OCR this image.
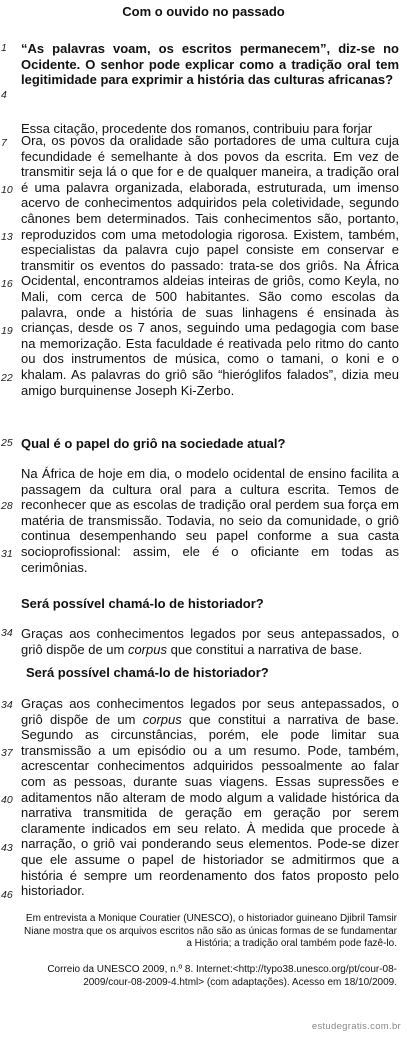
Com o ouvido no passado
1
4
7
10
13
16
19
22
25
28
31
34
34
37
40
43
46
“As palavras voam, os escritos permanecem”, diz-se no Ocidente. O senhor pode explicar como a tradição oral tem legitimidade para exprimir a história das culturas africanas?
Essa citação, procedente dos romanos, contribuiu para forjar
Ora, os povos da oralidade são portadores de uma cultura cuja fecundidade é semelhante à dos povos da escrita. Em vez de transmitir seja lá o que for e de qualquer maneira, a tradição oral é uma palavra organizada, elaborada, estruturada, um imenso acervo de conhecimentos adquiridos pela coletividade, segundo cânones bem determinados. Tais conhecimentos são, portanto, reproduzidos com uma metodologia rigorosa. Existem, também, especialistas da palavra cujo papel consiste em conservar e transmitir os eventos do passado: trata-se dos griôs. Na África Ocidental, encontramos aldeias inteiras de griôs, como Keyla, no Mali, com cerca de 500 habitantes. São como escolas da palavra, onde a história de suas linhagens é ensinada às crianças, desde os 7 anos, seguindo uma pedagogia com base na memorização. Esta faculdade é reativada pelo ritmo do canto ou dos instrumentos de música, como o tamani, o koni e o khalam. As palavras do griô são “hieróglifos falados”, dizia meu amigo burquinense Joseph Ki-Zerbo.
Qual é o papel do griô na sociedade atual?
Na África de hoje em dia, o modelo ocidental de ensino facilita a passagem da cultura oral para a cultura escrita. Temos de reconhecer que as escolas de tradição oral perdem sua força em matéria de transmissão. Todavia, no seio da comunidade, o griô continua desempenhando seu papel conforme a sua casta socioprofissional: assim, ele é o oficiante em todas as cerimônias.
Será possível chamá-lo de historiador?
Graças aos conhecimentos legados por seus antepassados, o griô dispõe de um corpus que constitui a narrativa de base.
Será possível chamá-lo de historiador?
Graças aos conhecimentos legados por seus antepassados, o griô dispõe de um corpus que constitui a narrativa de base. Segundo as circunstâncias, porém, ele pode limitar sua transmissão a um episódio ou a um resumo. Pode, também, acrescentar conhecimentos adquiridos pessoalmente ao falar com as pessoas, durante suas viagens. Essas supressões e aditamentos não alteram de modo algum a validade histórica da narrativa transmitida de geração em geração por serem claramente indicados em seu relato. À medida que procede à narração, o griô vai ponderando seus elementos. Pode-se dizer que ele assume o papel de historiador se admitirmos que a história é sempre um reordenamento dos fatos proposto pelo historiador.
Em entrevista a Monique Couratier (UNESCO), o historiador guineano Djibril Tamsir Niane mostra que os arquivos escritos não são as únicas formas de se fundamentar a História; a tradição oral também pode fazê-lo.
Correio da UNESCO 2009, n.º 8. Internet:<http://typo38.unesco.org/pt/cour-08-2009/cour-08-2009-4.html> (com adaptações). Acesso em 18/10/2009.
estudegratis.com.br
